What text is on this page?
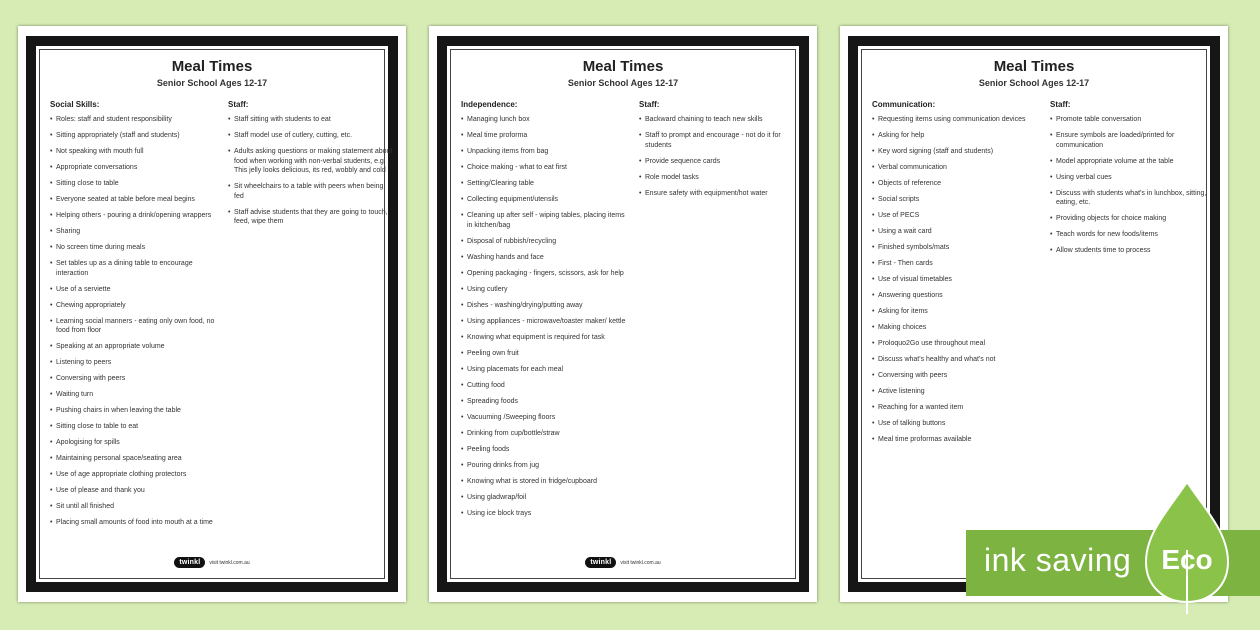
Meal Times
Senior School Ages 12-17
Social Skills:
• Roles: staff and student responsibility
• Sitting appropriately (staff and students)
• Not speaking with mouth full
• Appropriate conversations
• Sitting close to table
• Everyone seated at table before meal begins
• Helping others - pouring a drink/opening wrappers
• Sharing
• No screen time during meals
• Set tables up as a dining table to encourage interaction
• Use of a serviette
• Chewing appropriately
• Learning social manners - eating only own food, no food from floor
• Speaking at an appropriate volume
• Listening to peers
• Conversing with peers
• Waiting turn
• Pushing chairs in when leaving the table
• Sitting close to table to eat
• Apologising for spills
• Maintaining personal space/seating area
• Use of age appropriate clothing protectors
• Use of please and thank you
• Sit until all finished
• Placing small amounts of food into mouth at a time
Staff:
• Staff sitting with students to eat
• Staff model use of cutlery, cutting, etc.
• Adults asking questions or making statement about food when working with non-verbal students, e.g. This jelly looks delicious, its red, wobbly and cold
• Sit wheelchairs to a table with peers when being fed
• Staff advise students that they are going to touch, feed, wipe them
twinkl	visit twinkl.com.au
Meal Times
Senior School Ages 12-17
Independence:
• Managing lunch box
• Meal time proforma
• Unpacking items from bag
• Choice making - what to eat first
• Setting/Clearing table
• Collecting equipment/utensils
• Cleaning up after self - wiping tables, placing items in kitchen/bag
• Disposal of rubbish/recycling
• Washing hands and face
• Opening packaging - fingers, scissors, ask for help
• Using cutlery
• Dishes - washing/drying/putting away
• Using appliances - microwave/toaster maker/ kettle
• Knowing what equipment is required for task
• Peeling own fruit
• Using placemats for each meal
• Cutting food
• Spreading foods
• Vacuuming /Sweeping floors
• Drinking from cup/bottle/straw
• Peeling foods
• Pouring drinks from jug
• Knowing what is stored in fridge/cupboard
• Using gladwrap/foil
• Using ice block trays
Staff:
• Backward chaining to teach new skills
• Staff to prompt and encourage - not do it for students
• Provide sequence cards
• Role model tasks
• Ensure safety with equipment/hot water
twinkl	visit twinkl.com.au
Meal Times
Senior School Ages 12-17
Communication:
• Requesting items using communication devices
• Asking for help
• Key word signing (staff and students)
• Verbal communication
• Objects of reference
• Social scripts
• Use of PECS
• Using a wait card
• Finished symbols/mats
• First - Then cards
• Use of visual timetables
• Answering questions
• Asking for items
• Making choices
• Proloquo2Go use throughout meal
• Discuss what's healthy and what's not
• Conversing with peers
• Active listening
• Reaching for a wanted item
• Use of talking buttons
• Meal time proformas available
Staff:
• Promote table conversation
• Ensure symbols are loaded/printed for communication
• Model appropriate volume at the table
• Using verbal cues
• Discuss with students what's in lunchbox, sitting, eating, etc.
• Providing objects for choice making
• Teach words for new foods/items
• Allow students time to process
ink saving Eco
